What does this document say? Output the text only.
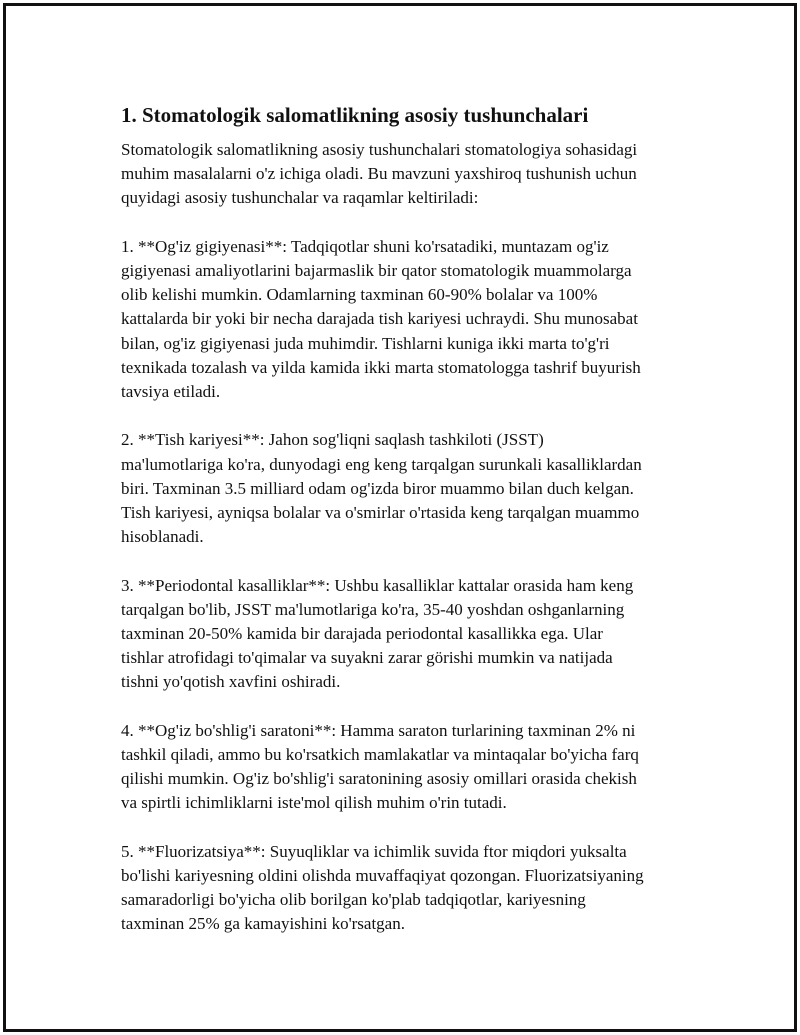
1. Stomatologik salomatlikning asosiy tushunchalari

Stomatologik salomatlikning asosiy tushunchalari stomatologiya sohasidagi
muhim masalalarni o'z ichiga oladi. Bu mavzuni yaxshiroq tushunish uchun
quyidagi asosiy tushunchalar va raqamlar keltiriladi:

1. **Og'iz gigiyenasi**: Tadqiqotlar shuni ko'rsatadiki, muntazam og'iz
gigiyenasi amaliyotlarini bajarmaslik bir qator stomatologik muammolarga
olib kelishi mumkin. Odamlarning taxminan 60-90% bolalar va 100%
kattalarda bir yoki bir necha darajada tish kariyesi uchraydi. Shu munosabat
bilan, og'iz gigiyenasi juda muhimdir. Tishlarni kuniga ikki marta to'g'ri
texnikada tozalash va yilda kamida ikki marta stomatologga tashrif buyurish
tavsiya etiladi.

2. **Tish kariyesi**: Jahon sog'liqni saqlash tashkiloti (JSST)
ma'lumotlariga ko'ra, dunyodagi eng keng tarqalgan surunkali kasalliklardan
biri. Taxminan 3.5 milliard odam og'izda biror muammo bilan duch kelgan.
Tish kariyesi, ayniqsa bolalar va o'smirlar o'rtasida keng tarqalgan muammo
hisoblanadi.

3. **Periodontal kasalliklar**: Ushbu kasalliklar kattalar orasida ham keng
tarqalgan bo'lib, JSST ma'lumotlariga ko'ra, 35-40 yoshdan oshganlarning
taxminan 20-50% kamida bir darajada periodontal kasallikka ega. Ular
tishlar atrofidagi to'qimalar va suyakni zarar görishi mumkin va natijada
tishni yo'qotish xavfini oshiradi.

4. **Og'iz bo'shlig'i saratoni**: Hamma saraton turlarining taxminan 2% ni
tashkil qiladi, ammo bu ko'rsatkich mamlakatlar va mintaqalar bo'yicha farq
qilishi mumkin. Og'iz bo'shlig'i saratonining asosiy omillari orasida chekish
va spirtli ichimliklarni iste'mol qilish muhim o'rin tutadi.

5. **Fluorizatsiya**: Suyuqliklar va ichimlik suvida ftor miqdori yuksalta
bo'lishi kariyesning oldini olishda muvaffaqiyat qozongan. Fluorizatsiyaning
samaradorligi bo'yicha olib borilgan ko'plab tadqiqotlar, kariyesning
taxminan 25% ga kamayishini ko'rsatgan.
